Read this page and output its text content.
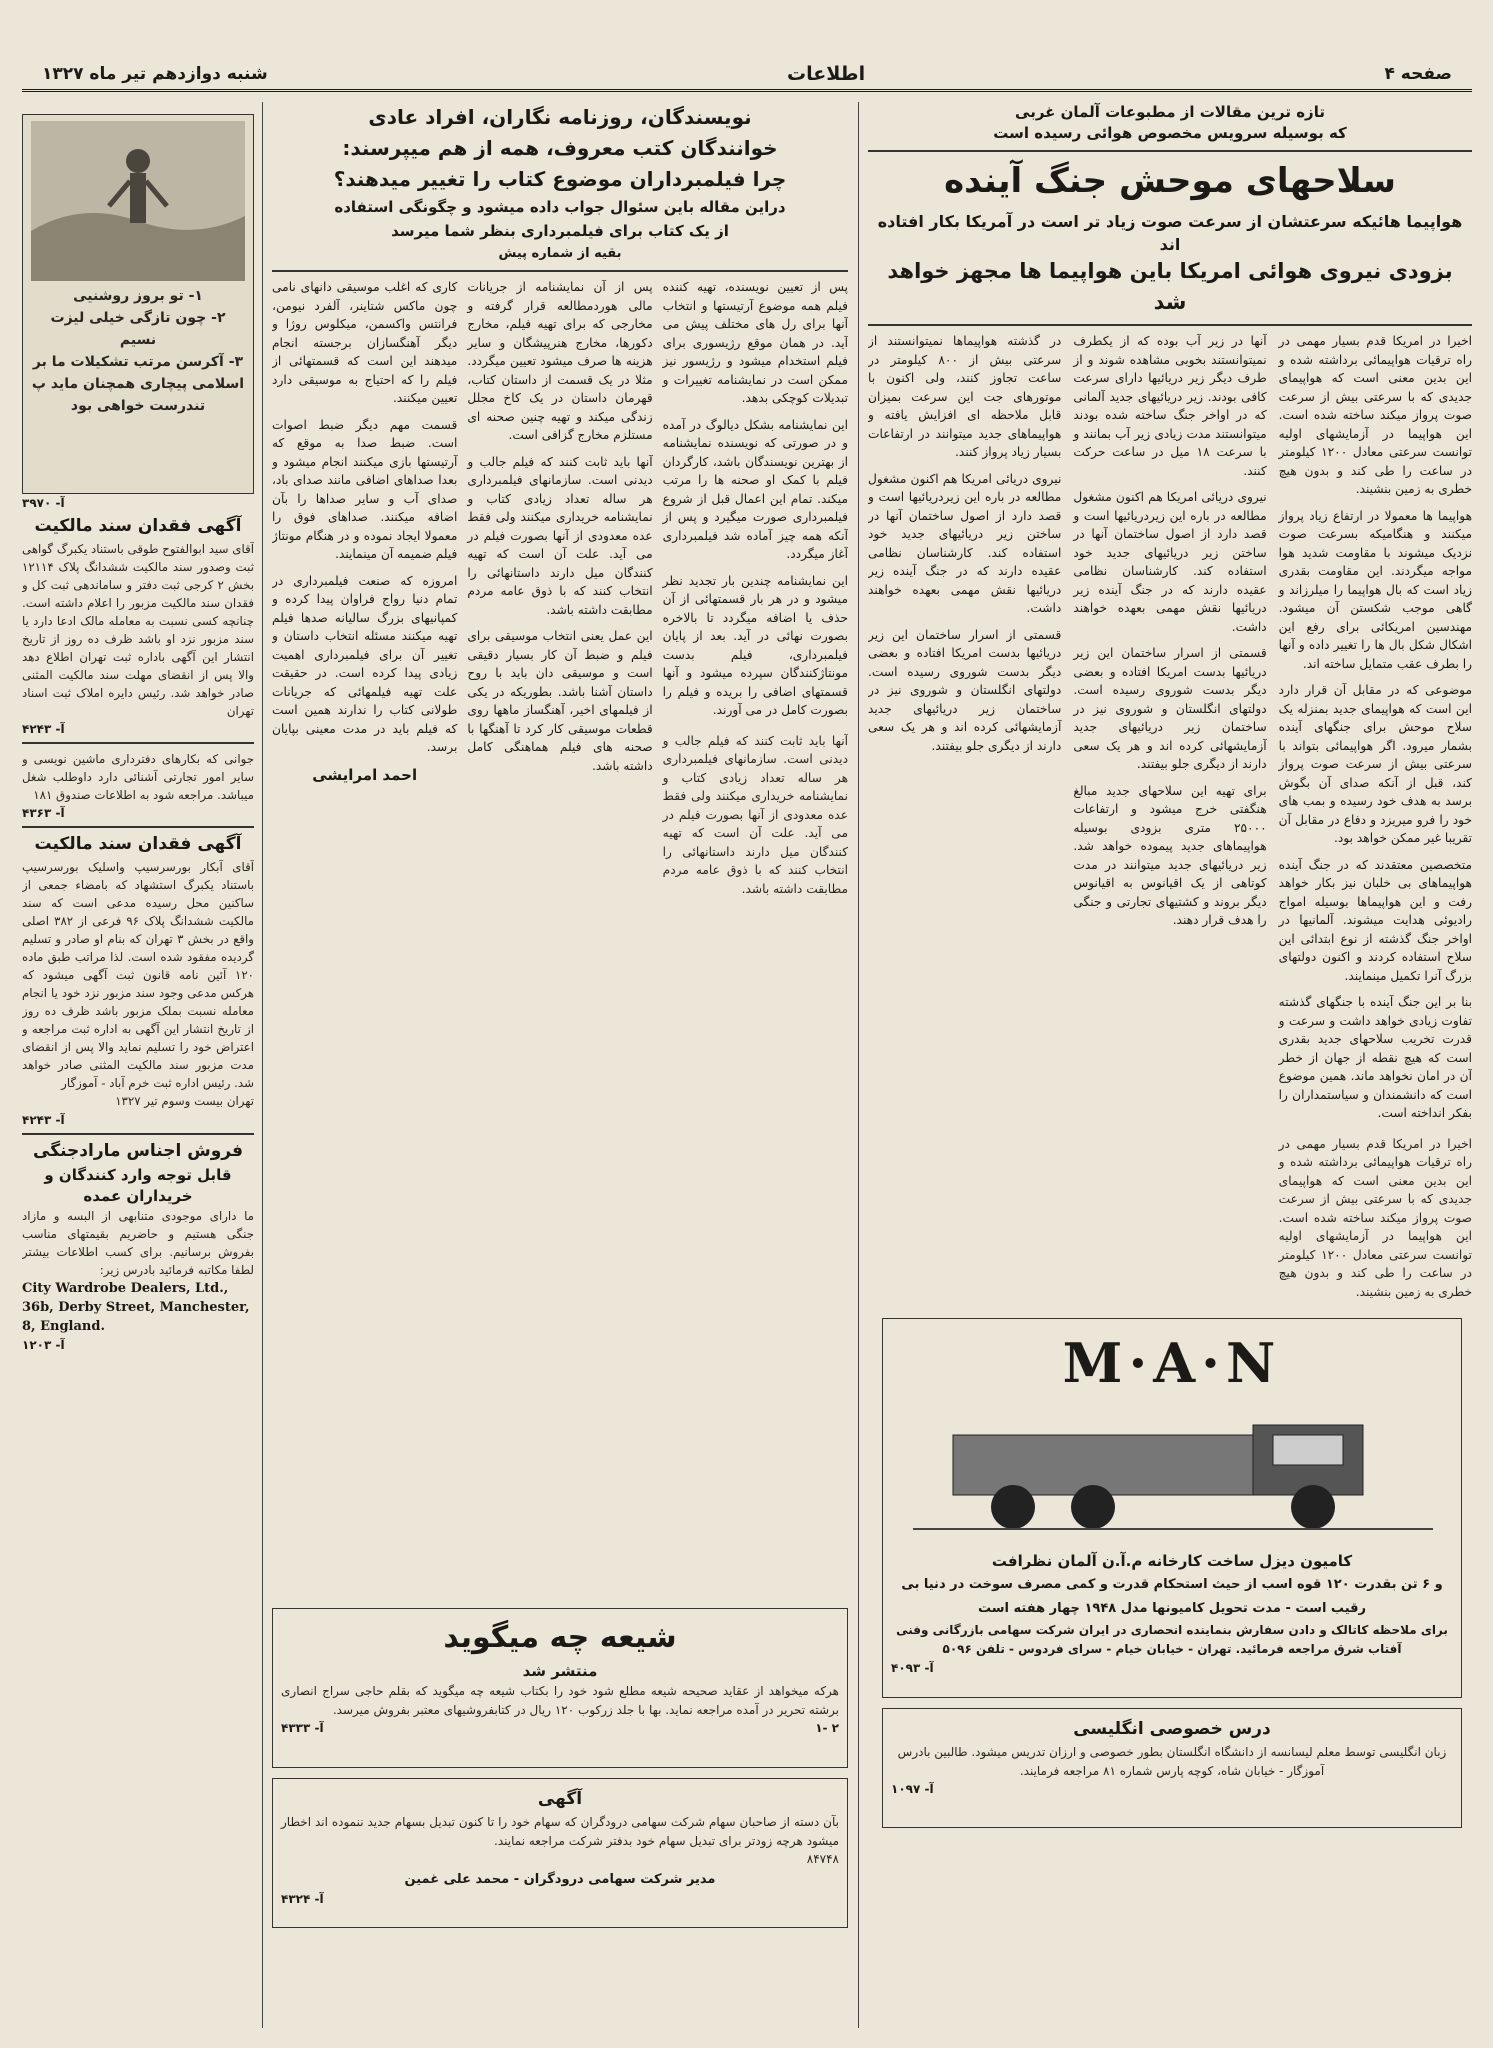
صفحه ۴
اطلاعات
شنبه دوازدهم تیر ماه ۱۳۲۷
تازه ترین مقالات از مطبوعات آلمان غربی
که بوسیله سرویس مخصوص هوائی رسیده است
سلاحهای موحش جنگ آینده
هواپیما هائیکه سرعتشان از سرعت صوت زیاد تر است در آمریکا بکار افتاده اند
بزودی نیروی هوائی امریکا باین هواپیما ها مجهز خواهد شد

اخیرا در امریکا قدم بسیار مهمی در راه ترقیات هواپیمائی برداشته شده و این بدین معنی است که هواپیمای جدیدی که با سرعتی بیش از سرعت صوت پرواز میکند ساخته شده است. این هواپیما در آزمایشهای اولیه توانست سرعتی معادل ۱۲۰۰ کیلومتر در ساعت را طی کند و بدون هیچ خطری به زمین بنشیند.

هواپیما ها معمولا در ارتفاع زیاد پرواز میکنند و هنگامیکه بسرعت صوت نزدیک میشوند با مقاومت شدید هوا مواجه میگردند. این مقاومت بقدری زیاد است که بال هواپیما را میلرزاند و گاهی موجب شکستن آن میشود. مهندسین امریکائی برای رفع این اشکال شکل بال ها را تغییر داده و آنها را بطرف عقب متمایل ساخته اند.

موضوعی که در مقابل آن قرار دارد این است که هواپیمای جدید بمنزله یک سلاح موحش برای جنگهای آینده بشمار میرود. اگر هواپیمائی بتواند با سرعتی بیش از سرعت صوت پرواز کند، قبل از آنکه صدای آن بگوش برسد به هدف خود رسیده و بمب های خود را فرو میریزد و دفاع در مقابل آن تقریبا غیر ممکن خواهد بود.

متخصصین معتقدند که در جنگ آینده هواپیماهای بی خلبان نیز بکار خواهد رفت و این هواپیماها بوسیله امواج رادیوئی هدایت میشوند. آلمانیها در اواخر جنگ گذشته از نوع ابتدائی این سلاح استفاده کردند و اکنون دولتهای بزرگ آنرا تکمیل مینمایند.

بنا بر این جنگ آینده با جنگهای گذشته تفاوت زیادی خواهد داشت و سرعت و قدرت تخریب سلاحهای جدید بقدری است که هیچ نقطه از جهان از خطر آن در امان نخواهد ماند. همین موضوع است که دانشمندان و سیاستمداران را بفکر انداخته است.

اخیرا در امریکا قدم بسیار مهمی در راه ترقیات هواپیمائی برداشته شده و این بدین معنی است که هواپیمای جدیدی که با سرعتی بیش از سرعت صوت پرواز میکند ساخته شده است. این هواپیما در آزمایشهای اولیه توانست سرعتی معادل ۱۲۰۰ کیلومتر در ساعت را طی کند و بدون هیچ خطری به زمین بنشیند.

آنها در زیر آب بوده که از یکطرف نمیتوانستند بخوبی مشاهده شوند و از طرف دیگر زیر دریائیها دارای سرعت کافی بودند. زیر دریائیهای جدید آلمانی که در اواخر جنگ ساخته شده بودند میتوانستند مدت زیادی زیر آب بمانند و با سرعت ۱۸ میل در ساعت حرکت کنند.

نیروی دریائی امریکا هم اکنون مشغول مطالعه در باره این زیردریائیها است و قصد دارد از اصول ساختمان آنها در ساختن زیر دریائیهای جدید خود استفاده کند. کارشناسان نظامی عقیده دارند که در جنگ آینده زیر دریائیها نقش مهمی بعهده خواهند داشت.

قسمتی از اسرار ساختمان این زیر دریائیها بدست امریکا افتاده و بعضی دیگر بدست شوروی رسیده است. دولتهای انگلستان و شوروی نیز در ساختمان زیر دریائیهای جدید آزمایشهائی کرده اند و هر یک سعی دارند از دیگری جلو بیفتند.

برای تهیه این سلاحهای جدید مبالغ هنگفتی خرج میشود و ارتفاعات ۲۵۰۰۰ متری بزودی بوسیله هواپیماهای جدید پیموده خواهد شد. زیر دریائیهای جدید میتوانند در مدت کوتاهی از یک اقیانوس به اقیانوس دیگر بروند و کشتیهای تجارتی و جنگی را هدف قرار دهند.

در گذشته هواپیماها نمیتوانستند از سرعتی بیش از ۸۰۰ کیلومتر در ساعت تجاوز کنند، ولی اکنون با موتورهای جت این سرعت بمیزان قابل ملاحظه ای افزایش یافته و هواپیماهای جدید میتوانند در ارتفاعات بسیار زیاد پرواز کنند.

نیروی دریائی امریکا هم اکنون مشغول مطالعه در باره این زیردریائیها است و قصد دارد از اصول ساختمان آنها در ساختن زیر دریائیهای جدید خود استفاده کند. کارشناسان نظامی عقیده دارند که در جنگ آینده زیر دریائیها نقش مهمی بعهده خواهند داشت.

قسمتی از اسرار ساختمان این زیر دریائیها بدست امریکا افتاده و بعضی دیگر بدست شوروی رسیده است. دولتهای انگلستان و شوروی نیز در ساختمان زیر دریائیهای جدید آزمایشهائی کرده اند و هر یک سعی دارند از دیگری جلو بیفتند.

M·A·N
کامیون دیزل ساخت کارخانه م.آ.ن آلمان نظرافت
و ۶ تن بقدرت ۱۲۰ قوه اسب از حیث استحکام قدرت و کمی مصرف سوخت در دنیا بی رقیب است - مدت تحویل کامیونها مدل ۱۹۴۸ چهار هفته است
برای ملاحظه کاتالک و دادن سفارش بنماینده انحصاری در ایران شرکت سهامی بازرگانی وفنی آفتاب شرق مراجعه فرمائید. تهران - خیابان خیام - سرای فردوس - تلفن ۵۰۹۶
آ- ۴۰۹۳
درس خصوصی انگلیسی
زبان انگلیسی توسط معلم لیسانسه از دانشگاه انگلستان بطور خصوصی و ارزان تدریس میشود. طالبین بادرس آموزگار - خیابان شاه، کوچه پارس شماره ۸۱ مراجعه فرمایند.
آ- ۱۰۹۷
نویسندگان، روزنامه نگاران، افراد عادی
خوانندگان کتب معروف، همه از هم میپرسند:
چرا فیلمبرداران موضوع کتاب را تغییر میدهند؟
دراین مقاله باین سئوال جواب داده میشود و چگونگی استفاده
از یک کتاب برای فیلمبرداری بنظر شما میرسد
بقیه از شماره پیش

پس از تعیین نویسنده، تهیه کننده فیلم همه موضوع آرتیستها و انتخاب آنها برای رل های مختلف پیش می آید. در همان موقع رژیسوری برای فیلم استخدام میشود و رژیسور نیز ممکن است در نمایشنامه تغییرات و تبدیلات کوچکی بدهد.

این نمایشنامه بشکل دیالوگ در آمده و در صورتی که نویسنده نمایشنامه از بهترین نویسندگان باشد، کارگردان فیلم با کمک او صحنه ها را مرتب میکند. تمام این اعمال قبل از شروع فیلمبرداری صورت میگیرد و پس از آنکه همه چیز آماده شد فیلمبرداری آغاز میگردد.

این نمایشنامه چندین بار تجدید نظر میشود و در هر بار قسمتهائی از آن حذف یا اضافه میگردد تا بالاخره بصورت نهائی در آید. بعد از پایان فیلمبرداری، فیلم بدست مونتاژکنندگان سپرده میشود و آنها قسمتهای اضافی را بریده و فیلم را بصورت کامل در می آورند.

آنها باید ثابت کنند که فیلم جالب و دیدنی است. سازمانهای فیلمبرداری هر ساله تعداد زیادی کتاب و نمایشنامه خریداری میکنند ولی فقط عده معدودی از آنها بصورت فیلم در می آید. علت آن است که تهیه کنندگان میل دارند داستانهائی را انتخاب کنند که با ذوق عامه مردم مطابقت داشته باشد.

پس از آن نمایشنامه از جریانات مالی هوردمطالعه قرار گرفته و مخارجی که برای تهیه فیلم، مخارج دکورها، مخارج هنرپیشگان و سایر هزینه ها صرف میشود تعیین میگردد. مثلا در یک قسمت از داستان کتاب، قهرمان داستان در یک کاخ مجلل زندگی میکند و تهیه چنین صحنه ای مستلزم مخارج گزافی است.

آنها باید ثابت کنند که فیلم جالب و دیدنی است. سازمانهای فیلمبرداری هر ساله تعداد زیادی کتاب و نمایشنامه خریداری میکنند ولی فقط عده معدودی از آنها بصورت فیلم در می آید. علت آن است که تهیه کنندگان میل دارند داستانهائی را انتخاب کنند که با ذوق عامه مردم مطابقت داشته باشد.

این عمل یعنی انتخاب موسیقی برای فیلم و ضبط آن کار بسیار دقیقی است و موسیقی دان باید با روح داستان آشنا باشد. بطوریکه در یکی از فیلمهای اخیر، آهنگساز ماهها روی قطعات موسیقی کار کرد تا آهنگها با صحنه های فیلم هماهنگی کامل داشته باشد.

کاری که اغلب موسیقی دانهای نامی چون ماکس شتاینر، آلفرد نیومن، فرانتس واکسمن، میکلوس روژا و دیگر آهنگسازان برجسته انجام میدهند این است که قسمتهائی از فیلم را که احتیاج به موسیقی دارد تعیین میکنند.

قسمت مهم دیگر ضبط اصوات است. ضبط صدا به موقع که آرتیستها بازی میکنند انجام میشود و بعدا صداهای اضافی مانند صدای باد، صدای آب و سایر صداها را بآن اضافه میکنند. صداهای فوق را معمولا ایجاد نموده و در هنگام مونتاژ فیلم ضمیمه آن مینمایند.

امروزه که صنعت فیلمبرداری در تمام دنیا رواج فراوان پیدا کرده و کمپانیهای بزرگ سالیانه صدها فیلم تهیه میکنند مسئله انتخاب داستان و تغییر آن برای فیلمبرداری اهمیت زیادی پیدا کرده است. در حقیقت علت تهیه فیلمهائی که جریانات طولانی کتاب را ندارند همین است که فیلم باید در مدت معینی بپایان برسد.

احمد امرایشی
شیعه چه میگوید
منتشر شد
هرکه میخواهد از عقاید صحیحه شیعه مطلع شود خود را بکتاب شیعه چه میگوید که بقلم حاجی سراج انصاری برشته تحریر در آمده مراجعه نماید. بها با جلد زرکوب ۱۲۰ ریال در کتابفروشیهای معتبر بفروش میرسد.
۱- ۲
آ- ۴۳۳۳
آگهی
بآن دسته از صاحبان سهام شرکت سهامی درودگران که سهام خود را تا کنون تبدیل بسهام جدید ننموده اند اخطار میشود هرچه زودتر برای تبدیل سهام خود بدفتر شرکت مراجعه نمایند.
۸۴۷۴۸
مدیر شرکت سهامی درودگران - محمد علی غمین
آ- ۴۳۲۴
۱- تو بروز روشنیی
۲- چون تازگی خیلی لیزت نسیم
۳- آکرسن مرتب تشکیلات ما بر
اسلامی پیچاری همچنان ماید پ
تندرست خواهی بود
آ- ۳۹۷۰
آگهی فقدان سند مالکیت
آقای سید ابوالفتوح طوقی باستناد یکبرگ گواهی ثبت وصدور سند مالکیت ششدانگ پلاک ۱۲۱۱۴ بخش ۲ کرجی ثبت دفتر و ساماندهی ثبت کل و فقدان سند مالکیت مزبور را اعلام داشته است. چنانچه کسی نسبت به معامله مالک ادعا دارد یا سند مزبور نزد او باشد ظرف ده روز از تاریخ انتشار این آگهی باداره ثبت تهران اطلاع دهد والا پس از انقضای مهلت سند مالکیت المثنی صادر خواهد شد. رئیس دایره املاک ثبت اسناد تهران
آ- ۴۲۴۳
جوانی که بکارهای دفترداری ماشین نویسی و سایر امور تجارتی آشنائی دارد داوطلب شغل میباشد. مراجعه شود به اطلاعات صندوق ۱۸۱
آ- ۴۳۶۳
آگهی فقدان سند مالکیت
آقای آبکار بورسرسیپ واسلیک بورسرسیپ باستناد یکبرگ استشهاد که بامضاء جمعی از ساکنین محل رسیده مدعی است که سند مالکیت ششدانگ پلاک ۹۶ فرعی از ۳۸۲ اصلی واقع در بخش ۳ تهران که بنام او صادر و تسلیم گردیده مفقود شده است. لذا مراتب طبق ماده ۱۲۰ آئین نامه قانون ثبت آگهی میشود که هرکس مدعی وجود سند مزبور نزد خود یا انجام معامله نسبت بملک مزبور باشد ظرف ده روز از تاریخ انتشار این آگهی به اداره ثبت مراجعه و اعتراض خود را تسلیم نماید والا پس از انقضای مدت مزبور سند مالکیت المثنی صادر خواهد شد. رئیس اداره ثبت خرم آباد - آموزگار
تهران بیست وسوم تیر ۱۳۲۷
آ- ۴۲۴۳
فروش اجناس مارادجنگی
قابل توجه وارد کنندگان و خریداران عمده
ما دارای موجودی متنابهی از البسه و مازاد جنگی هستیم و حاضریم بقیمتهای مناسب بفروش برسانیم. برای کسب اطلاعات بیشتر لطفا مکاتبه فرمائید بادرس زیر:
City Wardrobe Dealers, Ltd., 36b, Derby Street, Manchester, 8, England.
آ- ۱۲۰۳
